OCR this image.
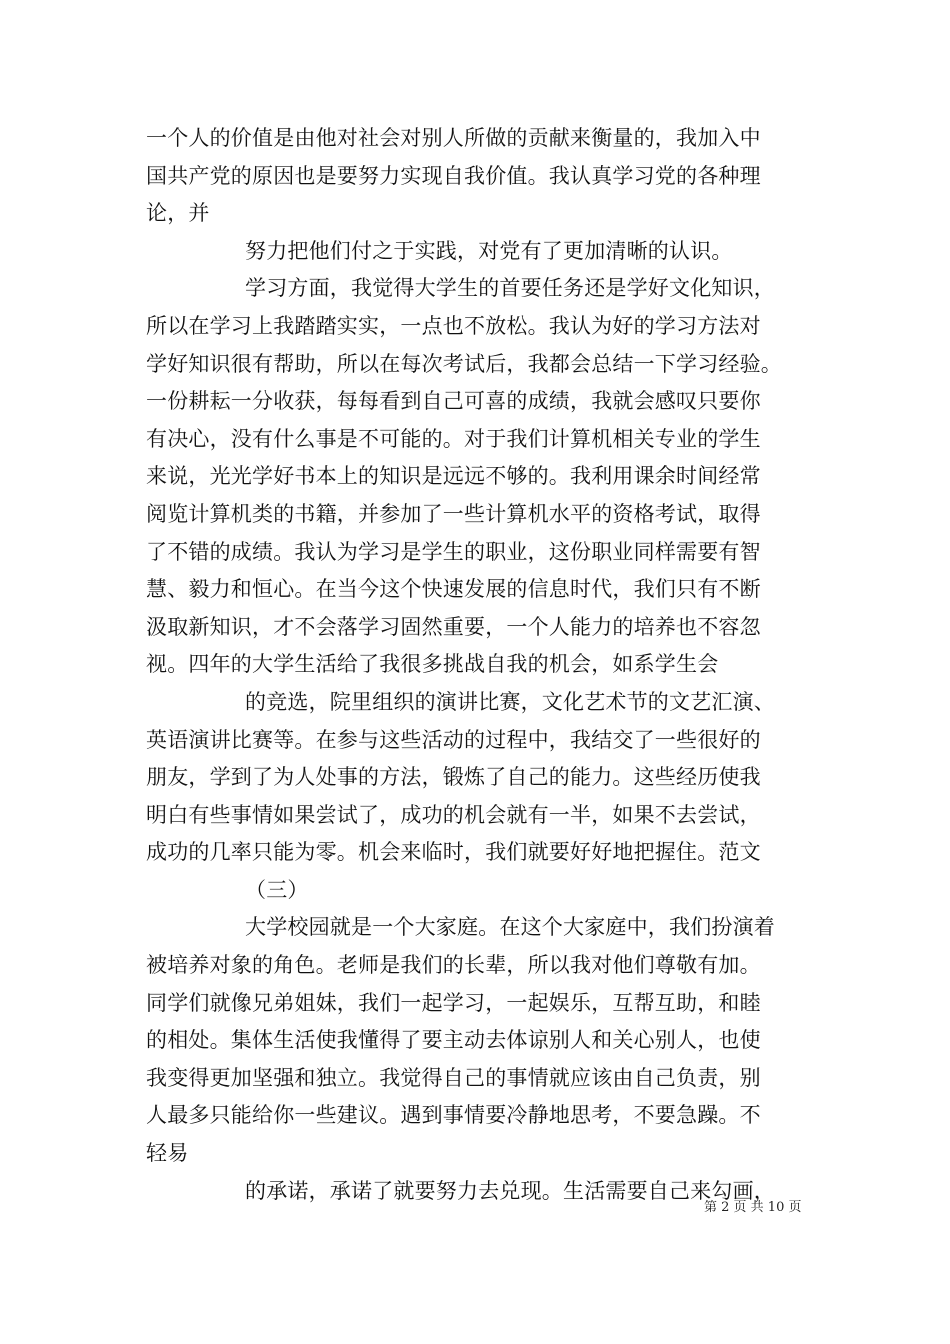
一个人的价值是由他对社会对别人所做的贡献来衡量的，我加入中
国共产党的原因也是要努力实现自我价值。我认真学习党的各种理
论，并
努力把他们付之于实践，对党有了更加清晰的认识。
学习方面，我觉得大学生的首要任务还是学好文化知识，
所以在学习上我踏踏实实，一点也不放松。我认为好的学习方法对
学好知识很有帮助，所以在每次考试后，我都会总结一下学习经验。
一份耕耘一分收获，每每看到自己可喜的成绩，我就会感叹只要你
有决心，没有什么事是不可能的。对于我们计算机相关专业的学生
来说，光光学好书本上的知识是远远不够的。我利用课余时间经常
阅览计算机类的书籍，并参加了一些计算机水平的资格考试，取得
了不错的成绩。我认为学习是学生的职业，这份职业同样需要有智
慧、毅力和恒心。在当今这个快速发展的信息时代，我们只有不断
汲取新知识，才不会落学习固然重要，一个人能力的培养也不容忽
视。四年的大学生活给了我很多挑战自我的机会，如系学生会
的竞选，院里组织的演讲比赛，文化艺术节的文艺汇演、
英语演讲比赛等。在参与这些活动的过程中，我结交了一些很好的
朋友，学到了为人处事的方法，锻炼了自己的能力。这些经历使我
明白有些事情如果尝试了，成功的机会就有一半，如果不去尝试，
成功的几率只能为零。机会来临时，我们就要好好地把握住。范文
（三）
大学校园就是一个大家庭。在这个大家庭中，我们扮演着
被培养对象的角色。老师是我们的长辈，所以我对他们尊敬有加。
同学们就像兄弟姐妹，我们一起学习，一起娱乐，互帮互助，和睦
的相处。集体生活使我懂得了要主动去体谅别人和关心别人，也使
我变得更加坚强和独立。我觉得自己的事情就应该由自己负责，别
人最多只能给你一些建议。遇到事情要冷静地思考，不要急躁。不
轻易
的承诺，承诺了就要努力去兑现。生活需要自己来勾画，
第 2 页 共 10 页
